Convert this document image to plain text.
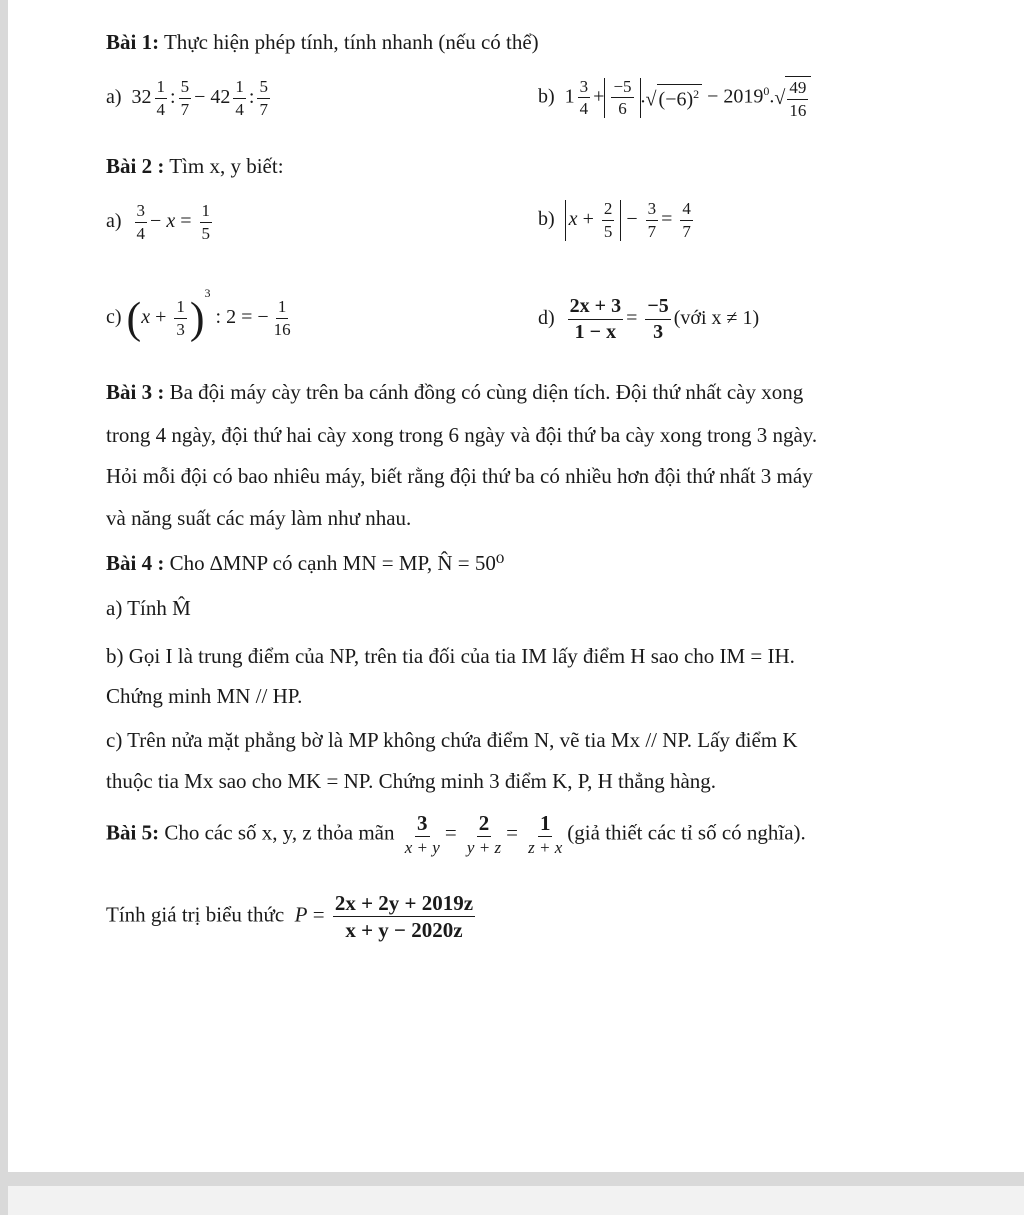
Bài 1: Thực hiện phép tính, tính nhanh (nếu có thể)
a)  $32 \frac{1}{4}$ : $\frac{5}{7} - 42 \frac{1}{4}$ : $\frac{5}{7}$	b)  $1 \frac{3}{4} + \frac{-5}{6}$ .√ $(-6)^2 - 2019^0.√ \frac{49}{16}$
Bài 2 : Tìm x, y biết:
$a) \frac{3}{4} - x = \frac{1}{5}$	b) $x + \frac{2}{5} - \frac{3}{7} = \frac{4}{7}$
c) $(x + \frac{1}{3} )^3$ : 2 = − $\frac{1}{16}$	$d) \frac{2x + 3}{1 - x} = \frac{-5}{3}$ (với x ≠ 1)
Bài 3 : Ba đội máy cày trên ba cánh đồng có cùng diện tích. Đội thứ nhất cày xong
trong 4 ngày, đội thứ hai cày xong trong 6 ngày và đội thứ ba cày xong trong 3 ngày.
Hỏi mỗi đội có bao nhiêu máy, biết rằng đội thứ ba có nhiều hơn đội thứ nhất 3 máy
và năng suất các máy làm như nhau.
Bài 4 : Cho ∆MNP có cạnh MN = MP, N̂ = 50⁰
a) Tính M̂
b) Gọi I là trung điểm của NP, trên tia đối của tia IM lấy điểm H sao cho IM = IH.
Chứng minh MN // HP.
c) Trên nửa mặt phẳng bờ là MP không chứa điểm N, vẽ tia Mx // NP. Lấy điểm K
thuộc tia Mx sao cho MK = NP. Chứng minh 3 điểm K, P, H thẳng hàng.
Bài 5: Cho các số x, y, z thỏa mãn $\frac{3}{x + y} = \frac{2}{y + z} = \frac{1}{z + x}$ (giả thiết các tỉ số có nghĩa).
Tính giá trị biểu thức $P = \frac{2x + 2y + 2019z}{x + y - 2020z}$
